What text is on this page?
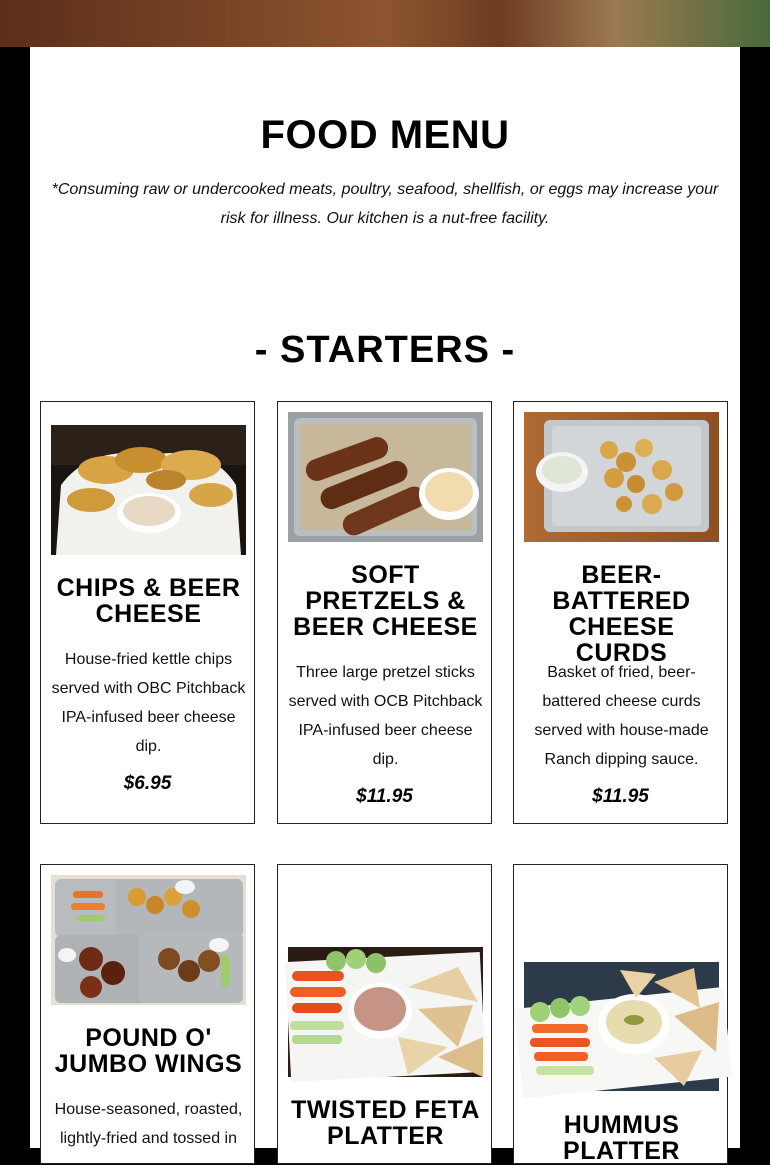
FOOD MENU

*Consuming raw or undercooked meats, poultry, seafood, shellfish, or eggs may increase your risk for illness. Our kitchen is a nut-free facility.

- STARTERS -
CHIPS & BEER CHEESE

House-fried kettle chips served with OBC Pitchback IPA-infused beer cheese dip.

$6.95

SOFT PRETZELS & BEER CHEESE

Three large pretzel sticks served with OCB Pitchback IPA-infused beer cheese dip.

$11.95

BEER-BATTERED CHEESE CURDS

Basket of fried, beer-battered cheese curds served with house-made Ranch dipping sauce.

$11.95

POUND O' JUMBO WINGS

House-seasoned, roasted, lightly-fried and tossed in

TWISTED FETA PLATTER	HUMMUS PLATTER
